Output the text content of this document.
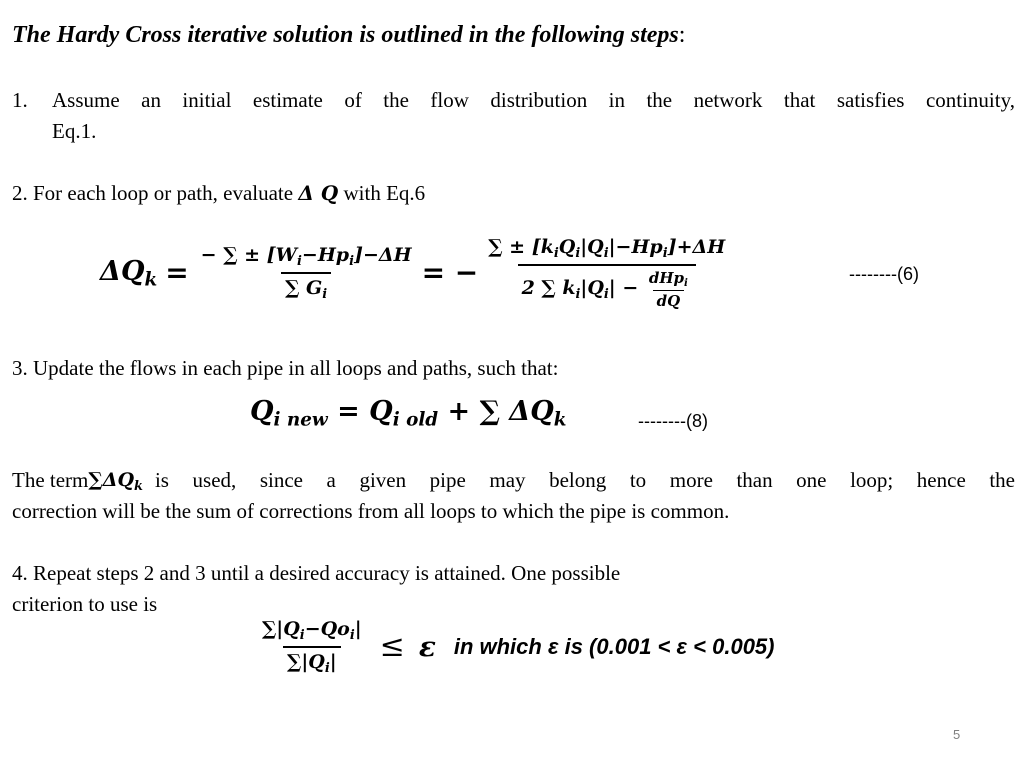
The Hardy Cross iterative solution is outlined in the following steps:
1. Assume an initial estimate of the flow distribution in the network that satisfies continuity,
Eq.1.
2. For each loop or path, evaluate Δ Q with Eq.6
$\Delta Q_k = \frac{- \sum \pm [W_i-Hp_i]-\Delta H}{\sum G_i}$ = − $\frac{\sum \pm [k_iQ_i|Q_i|-Hp_i]+\Delta H}{2 \sum k_i|Q_i| - \frac{dHp_i}{dQ}}$	--------(6)
3. Update the flows in each pipe in all loops and paths, such that:
$Q_{i new} = Q_{i old}$ + ∑ $\Delta Q_k$	--------(8)
The term $\sum\Delta Q_k$ is used, since a given pipe may belong to more than one loop; hence the
correction will be the sum of corrections from all loops to which the pipe is common.
4. Repeat steps 2 and 3 until a desired accuracy is attained. One possible
criterion to use is
$\frac{\sum|Q_i-Qo_i|}{\sum|Q_i|} \le \varepsilon$ in which ε is (0.001 < ε < 0.005)
5
